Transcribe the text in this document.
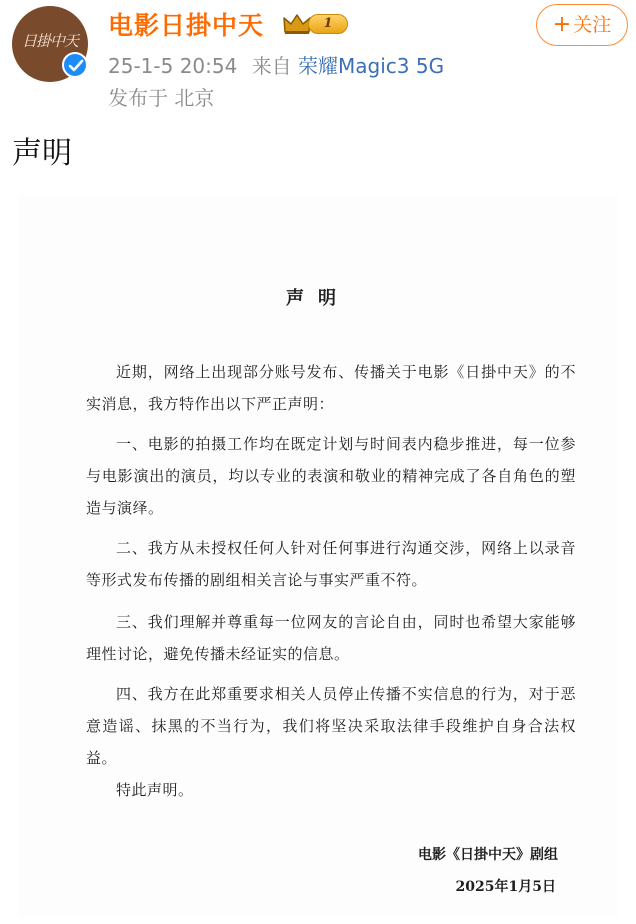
日掛中天
电影日掛中天	1
25-1-5 20:54 来自 荣耀Magic3 5G
发布于 北京
+ 关注
声明
声明

近期，网络上出现部分账号发布、传播关于电影《日掛中天》的不实消息，我方特作出以下严正声明：

一、电影的拍摄工作均在既定计划与时间表内稳步推进，每一位参与电影演出的演员，均以专业的表演和敬业的精神完成了各自角色的塑造与演绎。

二、我方从未授权任何人针对任何事进行沟通交涉，网络上以录音等形式发布传播的剧组相关言论与事实严重不符。

三、我们理解并尊重每一位网友的言论自由，同时也希望大家能够理性讨论，避免传播未经证实的信息。

四、我方在此郑重要求相关人员停止传播不实信息的行为，对于恶意造谣、抹黑的不当行为，我们将坚决采取法律手段维护自身合法权益。

特此声明。

电影《日掛中天》剧组
2025年1月5日
